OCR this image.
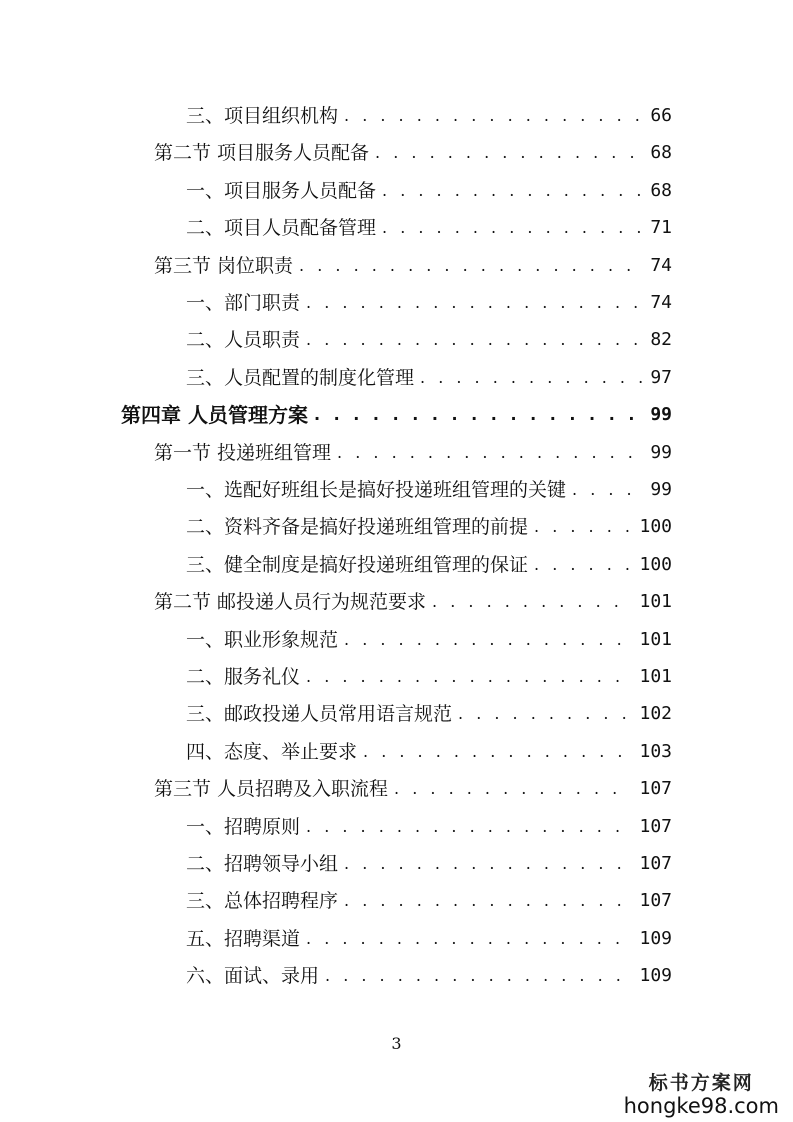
三、项目组织机构 . . .	66
第二节 项目服务人员配备 . . .	68
一、项目服务人员配备 . . .	68
二、项目人员配备管理 . . .	71
第三节 岗位职责 . . .	74
一、部门职责 . . .	74
二、人员职责 . . .	82
三、人员配置的制度化管理 . . .	97
第四章 人员管理方案 . . .	99
第一节 投递班组管理 . . .	99
一、选配好班组长是搞好投递班组管理的关键 . . .	99
二、资料齐备是搞好投递班组管理的前提 . . .	100
三、健全制度是搞好投递班组管理的保证 . . .	100
第二节 邮投递人员行为规范要求 . . .	101
一、职业形象规范 . . .	101
二、服务礼仪 . . .	101
三、邮政投递人员常用语言规范 . . .	102
四、态度、举止要求 . . .	103
第三节 人员招聘及入职流程 . . .	107
一、招聘原则 . . .	107
二、招聘领导小组 . . .	107
三、总体招聘程序 . . .	107
五、招聘渠道 . . .	109
六、面试、录用 . . .	109
3
标书方案网
hongke98.com
